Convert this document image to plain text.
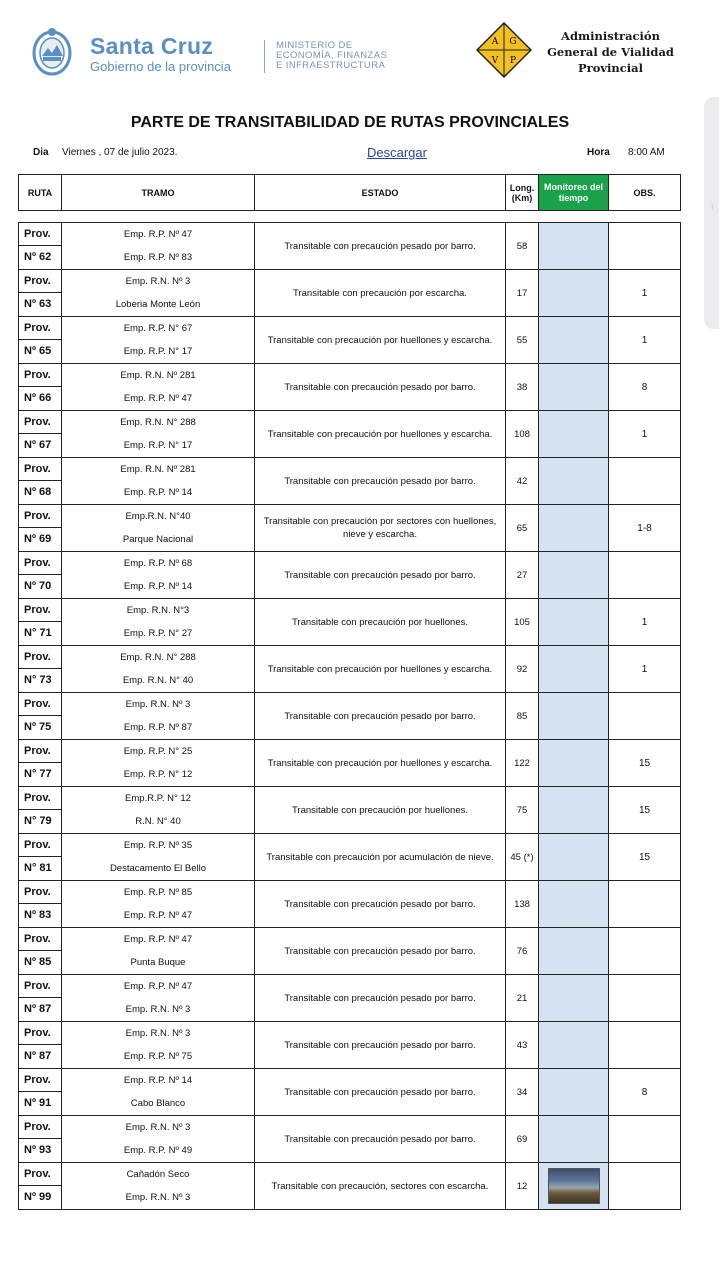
Santa Cruz
Gobierno de la provincia
MINISTERIO DE
ECONOMÍA, FINANZAS
E INFRAESTRUCTURA
A G
V P
Administración
General de Vialidad
Provincial
PARTE DE TRANSITABILIDAD DE RUTAS PROVINCIALES
Dia Viernes , 07 de julio 2023.	Descargar	Hora 8:00 AM
RUTA	TRAMO	ESTADO	Long.
(Km)

Monitoreo del
tiempo	OBS.
Prov.
Nº 62	Emp. R.P. Nº 47
Emp. R.P. Nº 83	Transitable con precaución pesado por barro.	58		

Prov.
Nº 63	Emp. R.N. Nº 3
Loberia Monte León	Transitable con precaución por escarcha.	17		1

Prov.
Nº 65	Emp. R.P. N° 67
Emp. R.P. N° 17	Transitable con precaución por huellones y escarcha.	55		1

Prov.
Nº 66	Emp. R.N. Nº 281
Emp. R.P. Nº 47	Transitable con precaución pesado por barro.	38		8

Prov.
Nº 67	Emp. R.N. N° 288
Emp. R.P. N° 17	Transitable con precaución por huellones y escarcha.	108		1

Prov.
Nº 68	Emp. R.N. Nº 281
Emp. R.P. Nº 14	Transitable con precaución pesado por barro.	42		

Prov.
Nº 69	Emp.R.N. N°40
Parque Nacional	Transitable con precaución por sectores con huellones, nieve y escarcha.	65		1-8

Prov.
Nº 70	Emp. R.P. Nº 68
Emp. R.P. Nº 14	Transitable con precaución pesado por barro.	27		

Prov.
N° 71	Emp. R.N. N°3
Emp. R.P. N° 27	Transitable con precaución por huellones.	105		1

Prov.
N° 73	Emp. R.N. N° 288
Emp. R.N. N° 40	Transitable con precaución por huellones y escarcha.	92		1

Prov.
Nº 75	Emp. R.N. Nº 3
Emp. R.P. Nº 87	Transitable con precaución pesado por barro.	85		

Prov.
N° 77	Emp. R.P. N° 25
Emp. R.P. N° 12	Transitable con precaución por huellones y escarcha.	122		15

Prov.
N° 79	Emp.R.P. N° 12
R.N. N° 40	Transitable con precaución por huellones.	75		15

Prov.
N° 81	Emp. R.P. Nº 35
Destacamento El Bello	Transitable con precaución por acumulación de nieve.	45 (*)		15

Prov.
Nº 83	Emp. R.P. Nº 85
Emp. R.P. Nº 47	Transitable con precaución pesado por barro.	138		

Prov.
Nº 85	Emp. R.P. Nº 47
Punta Buque	Transitable con precaución pesado por barro.	76		

Prov.
Nº 87	Emp. R.P. Nº 47
Emp. R.N. Nº 3	Transitable con precaución pesado por barro.	21		

Prov.
Nº 87	Emp. R.N. Nº 3
Emp. R.P. Nº 75	Transitable con precaución pesado por barro.	43		

Prov.
Nº 91	Emp. R.P. Nº 14
Cabo Blanco	Transitable con precaución pesado por barro.	34		8

Prov.
Nº 93	Emp. R.N. Nº 3
Emp. R.P. Nº 49	Transitable con precaución pesado por barro.	69		

Prov.
Nº 99	Cañadón Seco
Emp. R.N. Nº 3	Transitable con precaución, sectores con escarcha.	12	

⁝
